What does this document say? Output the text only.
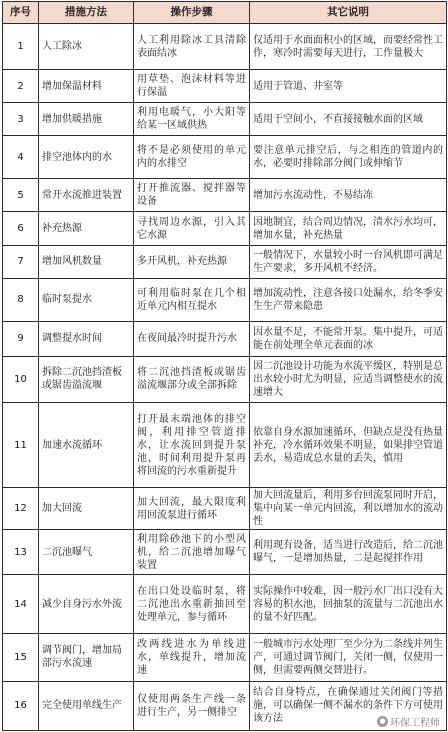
序号	措施方法	操作步骤	其它说明
1	人工除冰	人工利用除冰工具清除表面结冰	仅适用于水面面积小的区域，而要经常性工作，寒冷时需要每天进行，工作量极大
2	增加保温材料	用草垫、泡沫材料等进行保温	适用于管道、井室等
3	增加供暖措施	利用电暖气，小大阳等给某一区域供热	适用于空间小，不直接接触水面的区域
4	排空池体内的水	将不是必须使用的单元内的水排空	要注意单元排空后，与之相连的管道内的水，必要时排除部分阀门或伸缩节
5	常开水流推进装置	打开推流器、搅拌器等设备	增加污水流动性，不易结冻
6	补充热源	寻找周边水源，引入其它水源	因地制宜，结合周边情况，清水污水均可，增加水量，补充热量
7	增加风机数量	多开风机，补充热源	一般情况下，水量较小时一台风机即可满足生产要求，多开风机不经济。
8	临时泵提水	可利用临时泵在几个相近单元内相互提水	增加流动性，注意各接口处漏水，给冬季安生生产带来隐患
9	调整提水时间	在夜间最冷时提升污水	因水量不足，不能常开泵。集中提升，可适能在前处理全单元表面的冰
10	拆除二沉池挡渣板或锯齿溢流堰	将二沉池挡渣板或锯齿溢流堰部分或全部拆除	因二沉池设计功能为水流平缓区，特别是总出水较小时尤为明显，应适当调整使水的流速增大
11	加速水流循环	打开最末端池体的排空阀，利用排空管道排水，让水流回到提升泵池，时间利用提升泵再将回流的污水重新提升	依靠自身水源加速循环，但缺点是没有热量补充，冷水循环效果不明显，如果排空管道丢水，易造成总水量的丢失，慎用
12	加大回流	加大回流，最大限度利用回流泵进行循环	加大回流量后，利用多台回流泵同时开启，集中向某一单元内回流，利以增加水的流动性
13	二沉池曝气	利用除砂池下的小型风机，给二沉池增加曝气装置	利用现有设备，适当进行改造后，给二沉池曝气，一是增加热量，二是起搅拌作用
14	减少自身污水外流	在出口处设临时泵，将二沉池出水重新抽回至处理单元，参与循环	实际操作中较难，因一般污水厂出口没有大容易的积水池，回抽泵的流量与二沉池出水的量不好匹配。
15	调节阀门，增加局部污水流速	改两线进水为单线进水，单线提升，增加流速	一般城市污水处理厂至少分为二条线并列生产，可通过调节阀门，关闭一侧，仅使用一侧，但需要两侧交替进行。
16	完全使用单线生产	仅使用两条生产线一条进行生产，另一侧排空	结合自身特点，在确保通过关闭阀门等措施，可以确保一侧不漏水的条件下方可使用该方法	● 环保工程师
